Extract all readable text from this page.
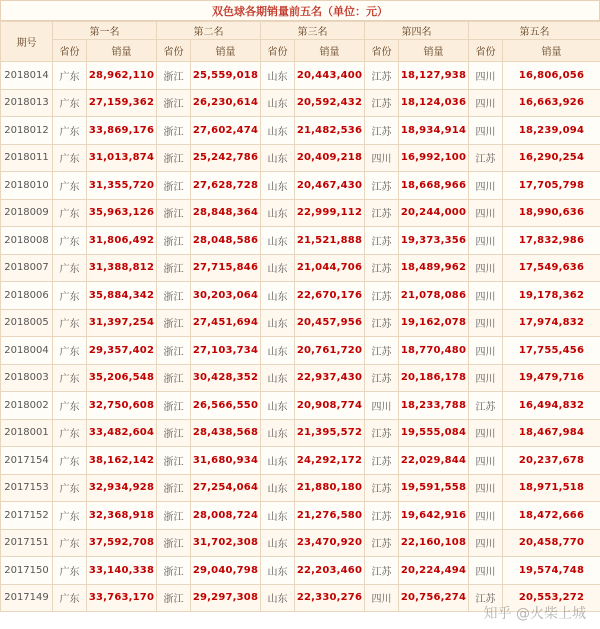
双色球各期销量前五名（单位：元）
期号	第一名		第二名		第三名		第四名		第五名	
	省份	销量	省份	销量	省份	销量	省份	销量	省份	销量
2018014	广东	28,962,110	浙江	25,559,018	山东	20,443,400	江苏	18,127,938	四川	16,806,056
2018013	广东	27,159,362	浙江	26,230,614	山东	20,592,432	江苏	18,124,036	四川	16,663,926
2018012	广东	33,869,176	浙江	27,602,474	山东	21,482,536	江苏	18,934,914	四川	18,239,094
2018011	广东	31,013,874	浙江	25,242,786	山东	20,409,218	四川	16,992,100	江苏	16,290,254
2018010	广东	31,355,720	浙江	27,628,728	山东	20,467,430	江苏	18,668,966	四川	17,705,798
2018009	广东	35,963,126	浙江	28,848,364	山东	22,999,112	江苏	20,244,000	四川	18,990,636
2018008	广东	31,806,492	浙江	28,048,586	山东	21,521,888	江苏	19,373,356	四川	17,832,986
2018007	广东	31,388,812	浙江	27,715,846	山东	21,044,706	江苏	18,489,962	四川	17,549,636
2018006	广东	35,884,342	浙江	30,203,064	山东	22,670,176	江苏	21,078,086	四川	19,178,362
2018005	广东	31,397,254	浙江	27,451,694	山东	20,457,956	江苏	19,162,078	四川	17,974,832
2018004	广东	29,357,402	浙江	27,103,734	山东	20,761,720	江苏	18,770,480	四川	17,755,456
2018003	广东	35,206,548	浙江	30,428,352	山东	22,937,430	江苏	20,186,178	四川	19,479,716
2018002	广东	32,750,608	浙江	26,566,550	山东	20,908,774	四川	18,233,788	江苏	16,494,832
2018001	广东	33,482,604	浙江	28,438,568	山东	21,395,572	江苏	19,555,084	四川	18,467,984
2017154	广东	38,162,142	浙江	31,680,934	山东	24,292,172	江苏	22,029,844	四川	20,237,678
2017153	广东	32,934,928	浙江	27,254,064	山东	21,880,180	江苏	19,591,558	四川	18,971,518
2017152	广东	32,368,918	浙江	28,008,724	山东	21,276,580	江苏	19,642,916	四川	18,472,666
2017151	广东	37,592,708	浙江	31,702,308	山东	23,470,920	江苏	22,160,108	四川	20,458,770
2017150	广东	33,140,338	浙江	29,040,798	山东	22,203,460	江苏	20,224,494	四川	19,574,748
2017149	广东	33,763,170	浙江	29,297,308	山东	22,330,276	四川	20,756,274	江苏	20,553,272
知乎 @火柴上城
